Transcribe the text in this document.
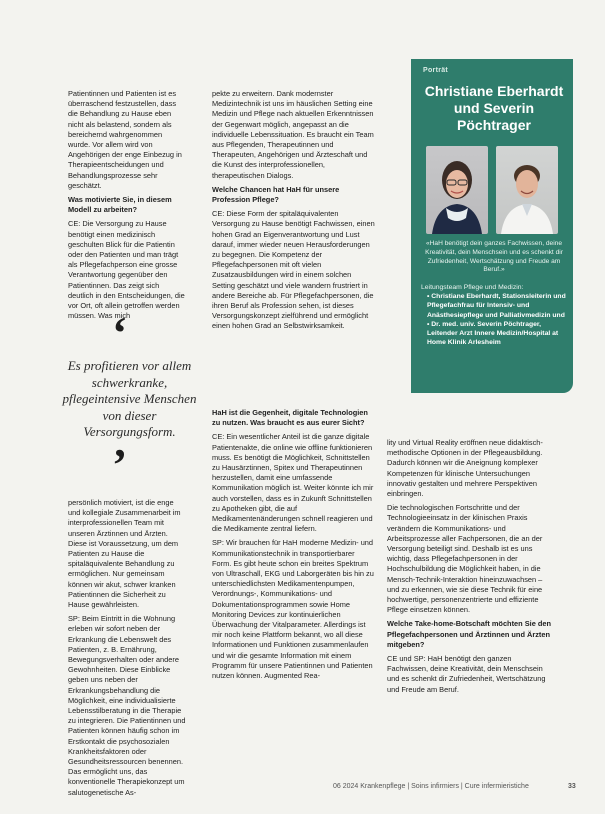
Patientinnen und Patienten ist es überraschend festzustellen, dass die Behandlung zu Hause eben nicht als belastend, sondern als bereichernd wahrgenommen wurde. Vor allem wird von Angehörigen der enge Einbezug in Therapieentscheidungen und Behandlungsprozesse sehr geschätzt.

Was motivierte Sie, in diesem Modell zu arbeiten?

CE: Die Versorgung zu Hause benötigt einen medizinisch geschulten Blick für die Patientin oder den Patienten und man trägt als Pflegefachperson eine grosse Verantwortung gegenüber den Patientinnen. Das zeigt sich deutlich in den Entscheidungen, die vor Ort, oft allein getroffen werden müssen. Was mich

‘
Es profitieren vor allem schwerkranke, pflegeintensive Menschen von dieser Versorgungsform.
’

persönlich motiviert, ist die enge und kollegiale Zusammenarbeit im interprofessionellen Team mit unseren Ärztinnen und Ärzten. Diese ist Voraussetzung, um dem Patienten zu Hause die spitaläquivalente Behandlung zu ermöglichen. Nur gemeinsam können wir akut, schwer kranken Patientinnen die Sicherheit zu Hause gewährleisten.

SP: Beim Eintritt in die Wohnung erleben wir sofort neben der Erkrankung die Lebenswelt des Patienten, z. B. Ernährung, Bewegungsverhalten oder andere Gewohnheiten. Diese Einblicke geben uns neben der Erkrankungsbehandlung die Möglichkeit, eine individualisierte Lebensstilberatung in die Therapie zu integrieren. Die Patientinnen und Patienten können häufig schon im Erstkontakt die psychosozialen Krankheitsfaktoren oder Gesundheitsressourcen benennen. Das ermöglicht uns, das konventionelle Therapiekonzept um salutogenetische As-

pekte zu erweitern. Dank modernster Medizintechnik ist uns im häuslichen Setting eine Medizin und Pflege nach aktuellen Erkenntnissen der Gegenwart möglich, angepasst an die individuelle Lebenssituation. Es braucht ein Team aus Pflegenden, Therapeutinnen und Therapeuten, Angehörigen und Ärzteschaft und die Kunst des interprofessionellen, therapeutischen Dialogs.

Welche Chancen hat HaH für unsere Profession Pflege?

CE: Diese Form der spitaläquivalenten Versorgung zu Hause benötigt Fachwissen, einen hohen Grad an Eigenverantwortung und Lust darauf, immer wieder neuen Herausforderungen zu begegnen. Die Kompetenz der Pflegefachpersonen mit oft vielen Zusatzausbildungen wird in einem solchen Setting geschätzt und viele wandern frustriert in andere Bereiche ab. Für Pflegefachpersonen, die ihren Beruf als Profession sehen, ist dieses Versorgungskonzept zielführend und ermöglicht einen hohen Grad an Selbstwirksamkeit.

HaH ist die Gegenheit, digitale Technologien zu nutzen. Was braucht es aus eurer Sicht?

CE: Ein wesentlicher Anteil ist die ganze digitale Patientenakte, die online wie offline funktionieren muss. Es benötigt die Möglichkeit, Schnittstellen zu Hausärztinnen, Spitex und Therapeutinnen herzustellen, damit eine umfassende Kommunikation möglich ist. Weiter könnte ich mir auch vorstellen, dass es in Zukunft Schnittstellen zu Apotheken gibt, die auf Medikamentenänderungen schnell reagieren und die Medikamente zentral liefern.

SP: Wir brauchen für HaH moderne Medizin- und Kommunikationstechnik in transportierbarer Form. Es gibt heute schon ein breites Spektrum von Ultraschall, EKG und Laborgeräten bis hin zu unterschiedlichsten Medikamentenpumpen, Verordnungs-, Kommunikations- und Dokumentationsprogrammen sowie Home Monitoring Devices zur kontinuierlichen Überwachung der Vitalparameter. Allerdings ist mir noch keine Plattform bekannt, wo all diese Informationen und Funktionen zusammenlaufen und wir die gesamte Information mit einem Programm für unsere Patientinnen und Patienten nutzen können. Augmented Rea-

lity und Virtual Reality eröffnen neue didaktisch-methodische Optionen in der Pflegeausbildung. Dadurch können wir die Aneignung komplexer Kompetenzen für klinische Untersuchungen innovativ gestalten und mehrere Perspektiven einbringen.

Die technologischen Fortschritte und der Technologieeinsatz in der klinischen Praxis verändern die Kommunikations- und Arbeitsprozesse aller Fachpersonen, die an der Versorgung beteiligt sind. Deshalb ist es uns wichtig, dass Pflegefachpersonen in der Hochschulbildung die Möglichkeit haben, in die Mensch-Technik-Interaktion hineinzuwachsen – und zu erkennen, wie sie diese Technik für eine hochwertige, personenzentrierte und effiziente Pflege einsetzen können.

Welche Take-home-Botschaft möchten Sie den Pflegefachpersonen und Ärztinnen und Ärzten mitgeben?

CE und SP: HaH benötigt den ganzen Fachwissen, deine Kreativität, dein Menschsein und es schenkt dir Zufriedenheit, Wertschätzung und Freude am Beruf.

Porträt
Christiane Eberhardt und Severin Pöchtrager
«HaH benötigt dein ganzes Fachwissen, deine Kreativität, dein Menschsein und es schenkt dir Zufriedenheit, Wertschätzung und Freude am Beruf.»
Leitungsteam Pflege und Medizin:
• Christiane Eberhardt, Stationsleiterin und Pflegefachfrau für Intensiv- und Anästhesiepflege und Palliativmedizin und
• Dr. med. univ. Severin Pöchtrager, Leitender Arzt Innere Medizin/Hospital at Home Klinik Arlesheim
06 2024 Krankenpflege | Soins infirmiers | Cure infermieristiche	33
